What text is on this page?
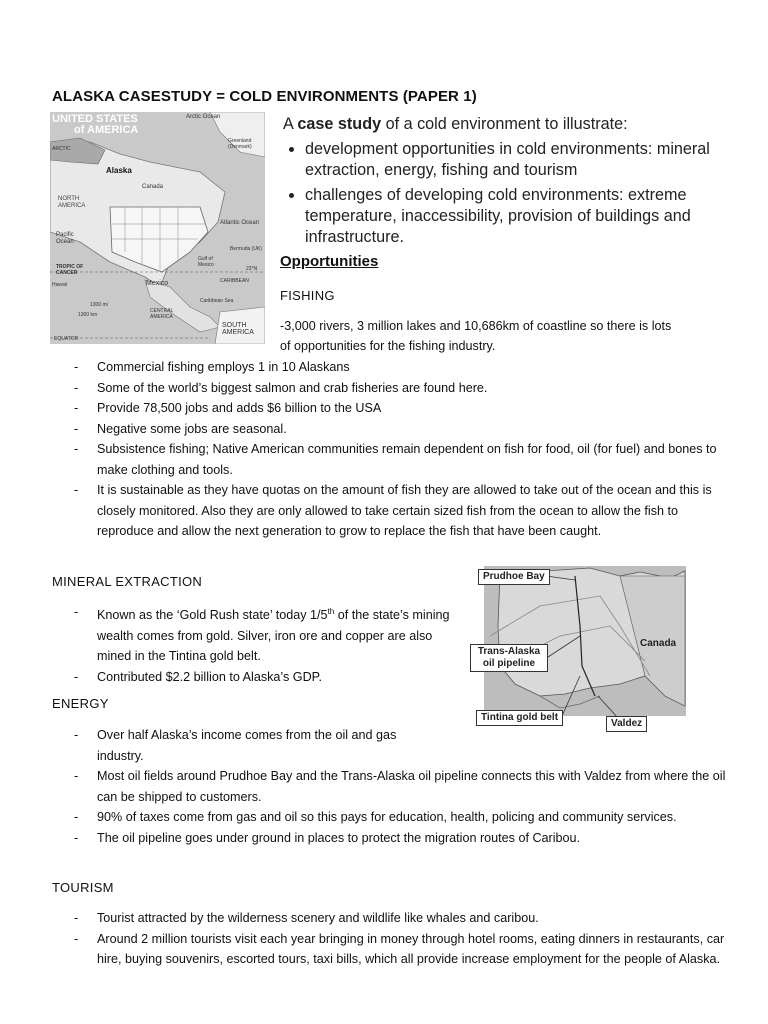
ALASKA CASESTUDY = COLD ENVIRONMENTS (PAPER 1)
UNITED STATES
of AMERICA
Arctic Ocean
Greenland (Denmark)
ARCTIC
Alaska
Canada
NORTH AMERICA
Atlantic Ocean
Pacific Ocean
Bermuda (UK)
Gulf of Mexico
TROPIC OF CANCER
23°N
Hawaii	Mexico	CARIBBEAN
Caribbean Sea
1300 mi
1300 km
CENTRAL AMERICA
SOUTH AMERICA
EQUATOR

A case study of a cold environment to illustrate:

• development opportunities in cold environments: mineral extraction, energy, fishing and tourism
• challenges of developing cold environments: extreme temperature, inaccessibility, provision of buildings and infrastructure.
Opportunities
FISHING
-3,000 rivers, 3 million lakes and 10,686km of coastline so there is lots
of opportunities for the fishing industry.
- Commercial fishing employs 1 in 10 Alaskans
- Some of the world’s biggest salmon and crab fisheries are found here.
- Provide 78,500 jobs and adds $6 billion to the USA
- Negative some jobs are seasonal.
- Subsistence fishing; Native American communities remain dependent on fish for food, oil (for fuel) and bones to make clothing and tools.
- It is sustainable as they have quotas on the amount of fish they are allowed to take out of the ocean and this is closely monitored. Also they are only allowed to take certain sized fish from the ocean to allow the fish to reproduce and allow the next generation to grow to replace the fish that have been caught.
MINERAL EXTRACTION
- Known as the ‘Gold Rush state’ today 1/5th of the state’s mining wealth comes from gold. Silver, iron ore and copper are also mined in the Tintina gold belt.
- Contributed $2.2 billion to Alaska’s GDP.
Prudhoe Bay
Trans-Alaska oil pipeline
Canada
Tintina gold belt
Valdez
ENERGY
- Over half Alaska’s income comes from the oil and gas industry.
- Most oil fields around Prudhoe Bay and the Trans-Alaska oil pipeline connects this with Valdez from where the oil can be shipped to customers.
- 90% of taxes come from gas and oil so this pays for education, health, policing and community services.
- The oil pipeline goes under ground in places to protect the migration routes of Caribou.
TOURISM
- Tourist attracted by the wilderness scenery and wildlife like whales and caribou.
- Around 2 million tourists visit each year bringing in money through hotel rooms, eating dinners in restaurants, car hire, buying souvenirs, escorted tours, taxi bills, which all provide increase employment for the people of Alaska.
